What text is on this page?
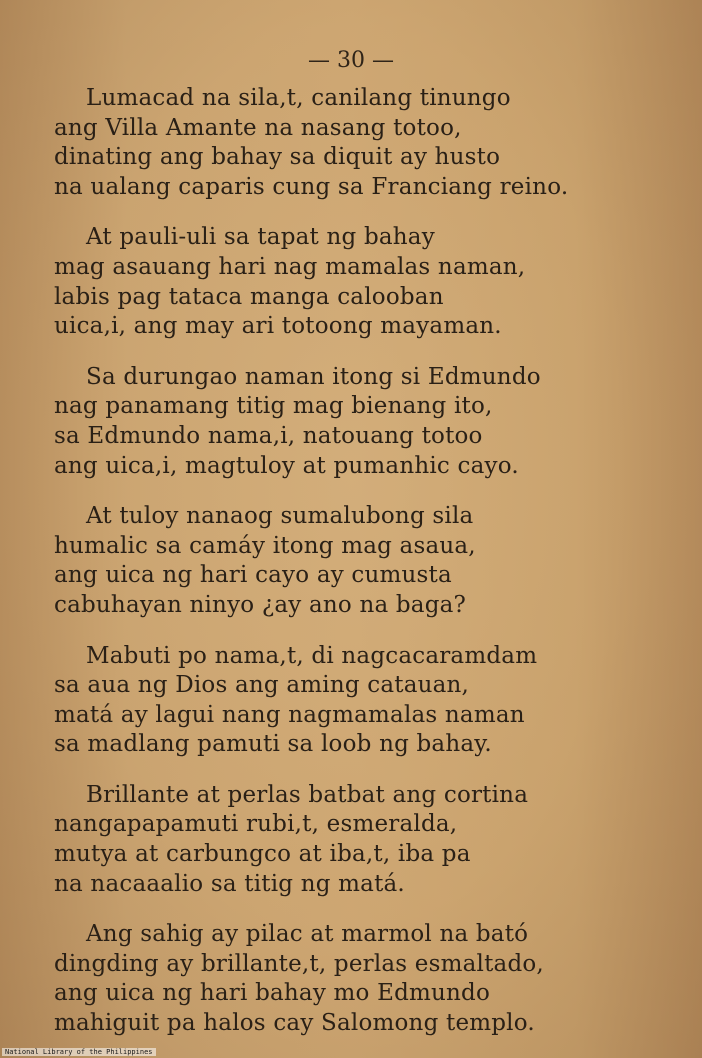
— 30 —
Lumacad na sila,t, canilang tinungo
ang Villa Amante na nasang totoo,
dinating ang bahay sa diquit ay husto
na ualang caparis cung sa Franciang reino.
At pauli-uli sa tapat ng bahay
mag asauang hari nag mamalas naman,
labis pag tataca manga calooban
uica,i, ang may ari totoong mayaman.
Sa durungao naman itong si Edmundo
nag panamang titig mag bienang ito,
sa Edmundo nama,i, natouang totoo
ang uica,i, magtuloy at pumanhic cayo.
At tuloy nanaog sumalubong sila
humalic sa camáy itong mag asaua,
ang uica ng hari cayo ay cumusta
cabuhayan ninyo ¿ay ano na baga?
Mabuti po nama,t, di nagcacaramdam
sa aua ng Dios ang aming catauan,
matá ay lagui nang nagmamalas naman
sa madlang pamuti sa loob ng bahay.
Brillante at perlas batbat ang cortina
nangapapamuti rubi,t, esmeralda,
mutya at carbungco at iba,t, iba pa
na nacaaalio sa titig ng matá.
Ang sahig ay pilac at marmol na bató
dingding ay brillante,t, perlas esmaltado,
ang uica ng hari bahay mo Edmundo
mahiguit pa halos cay Salomong templo.
National Library of the Philippines
